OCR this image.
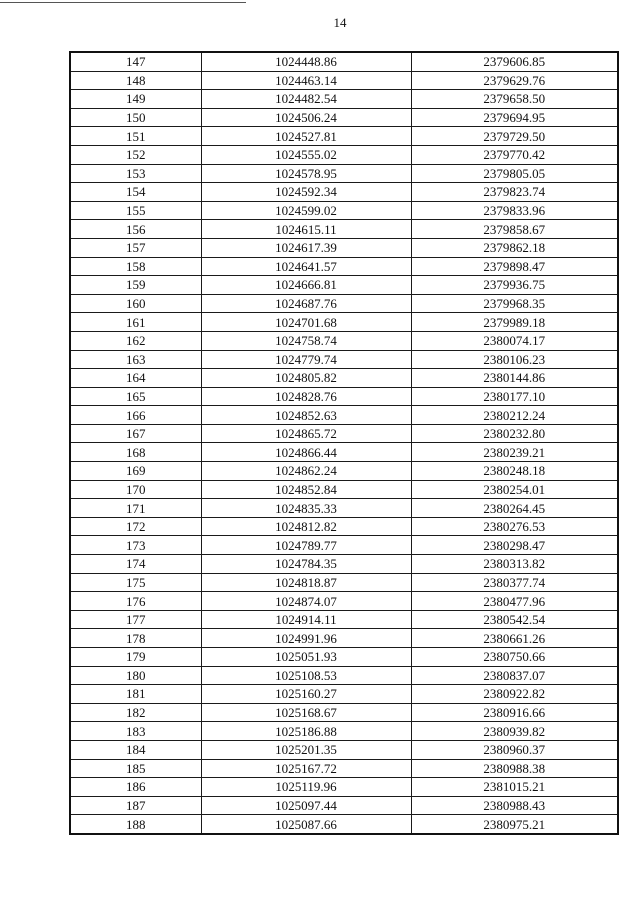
14
147	1024448.86	2379606.85
148	1024463.14	2379629.76
149	1024482.54	2379658.50
150	1024506.24	2379694.95
151	1024527.81	2379729.50
152	1024555.02	2379770.42
153	1024578.95	2379805.05
154	1024592.34	2379823.74
155	1024599.02	2379833.96
156	1024615.11	2379858.67
157	1024617.39	2379862.18
158	1024641.57	2379898.47
159	1024666.81	2379936.75
160	1024687.76	2379968.35
161	1024701.68	2379989.18
162	1024758.74	2380074.17
163	1024779.74	2380106.23
164	1024805.82	2380144.86
165	1024828.76	2380177.10
166	1024852.63	2380212.24
167	1024865.72	2380232.80
168	1024866.44	2380239.21
169	1024862.24	2380248.18
170	1024852.84	2380254.01
171	1024835.33	2380264.45
172	1024812.82	2380276.53
173	1024789.77	2380298.47
174	1024784.35	2380313.82
175	1024818.87	2380377.74
176	1024874.07	2380477.96
177	1024914.11	2380542.54
178	1024991.96	2380661.26
179	1025051.93	2380750.66
180	1025108.53	2380837.07
181	1025160.27	2380922.82
182	1025168.67	2380916.66
183	1025186.88	2380939.82
184	1025201.35	2380960.37
185	1025167.72	2380988.38
186	1025119.96	2381015.21
187	1025097.44	2380988.43
188	1025087.66	2380975.21
